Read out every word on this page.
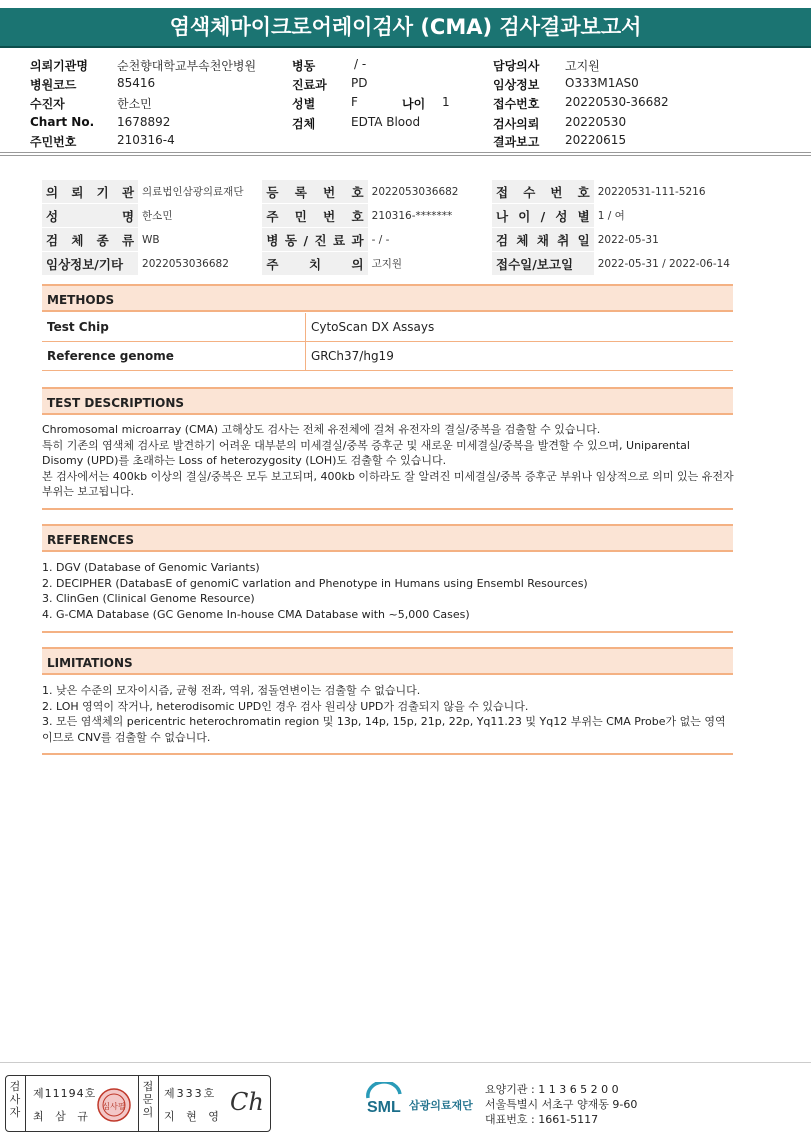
염색체마이크로어레이검사 (CMA) 검사결과보고서
의뢰기관명 순천향대학교부속천안병원
병원코드	85416
수진자	한소민
Chart No. 1678892
주민번호	210316-4
병동	/ -
진료과 PD
성별	F	나이 1
검체	EDTA Blood
담당의사 고지원
임상정보 O333M1AS0
접수번호 20220530-36682
검사의뢰 20220530
결과보고 20220615
의 뢰 기 관	의료법인삼광의료재단	등 록 번 호	2022053036682	접 수 번 호	20220531-111-5216
성 명	한소민	주 민 번 호	210316-*******	나 이 / 성 별	1 / 여
검 체 종 류	WB	병 동 / 진 료 과	- / -	검 체 채 취 일	2022-05-31
임상정보/기타	2022053036682	주 치 의	고지원	접수일/보고일	2022-05-31 / 2022-06-14
METHODS
Test Chip	CytoScan DX Assays
Reference genome	GRCh37/hg19
TEST DESCRIPTIONS

Chromosomal microarray (CMA) 고해상도 검사는 전체 유전체에 걸쳐 유전자의 결실/중복을 검출할 수 있습니다.

특히 기존의 염색체 검사로 발견하기 어려운 대부분의 미세결실/중복 증후군 및 새로운 미세결실/중복을 발견할 수 있으며, Uniparental Disomy (UPD)를 초래하는 Loss of heterozygosity (LOH)도 검출할 수 있습니다.

본 검사에서는 400kb 이상의 결실/중복은 모두 보고되며, 400kb 이하라도 잘 알려진 미세결실/중복 증후군 부위나 임상적으로 의미 있는 유전자 부위는 보고됩니다.

REFERENCES

1. DGV (Database of Genomic Variants)

2. DECIPHER (DatabasE of genomiC varIation and Phenotype in Humans using Ensembl Resources)

3. ClinGen (Clinical Genome Resource)

4. G-CMA Database (GC Genome In-house CMA Database with ~5,000 Cases)

LIMITATIONS

1. 낮은 수준의 모자이시즘, 균형 전좌, 역위, 점돌연변이는 검출할 수 없습니다.

2. LOH 영역이 작거나, heterodisomic UPD인 경우 검사 원리상 UPD가 검출되지 않을 수 있습니다.

3. 모든 염색체의 pericentric heterochromatin region 및 13p, 14p, 15p, 21p, 22p, Yq11.23 및 Yq12 부위는 CMA Probe가 없는 영역이므로 CNV를 검출할 수 없습니다.

검사자
제11194호
최 삼 규
심사필
접문의
제333호
지 현 영
Ch	SML 삼광의료재단
요양기관 : 1 1 3 6 5 2 0 0
서울특별시 서초구 양재동 9-60
대표번호 : 1661-5117
